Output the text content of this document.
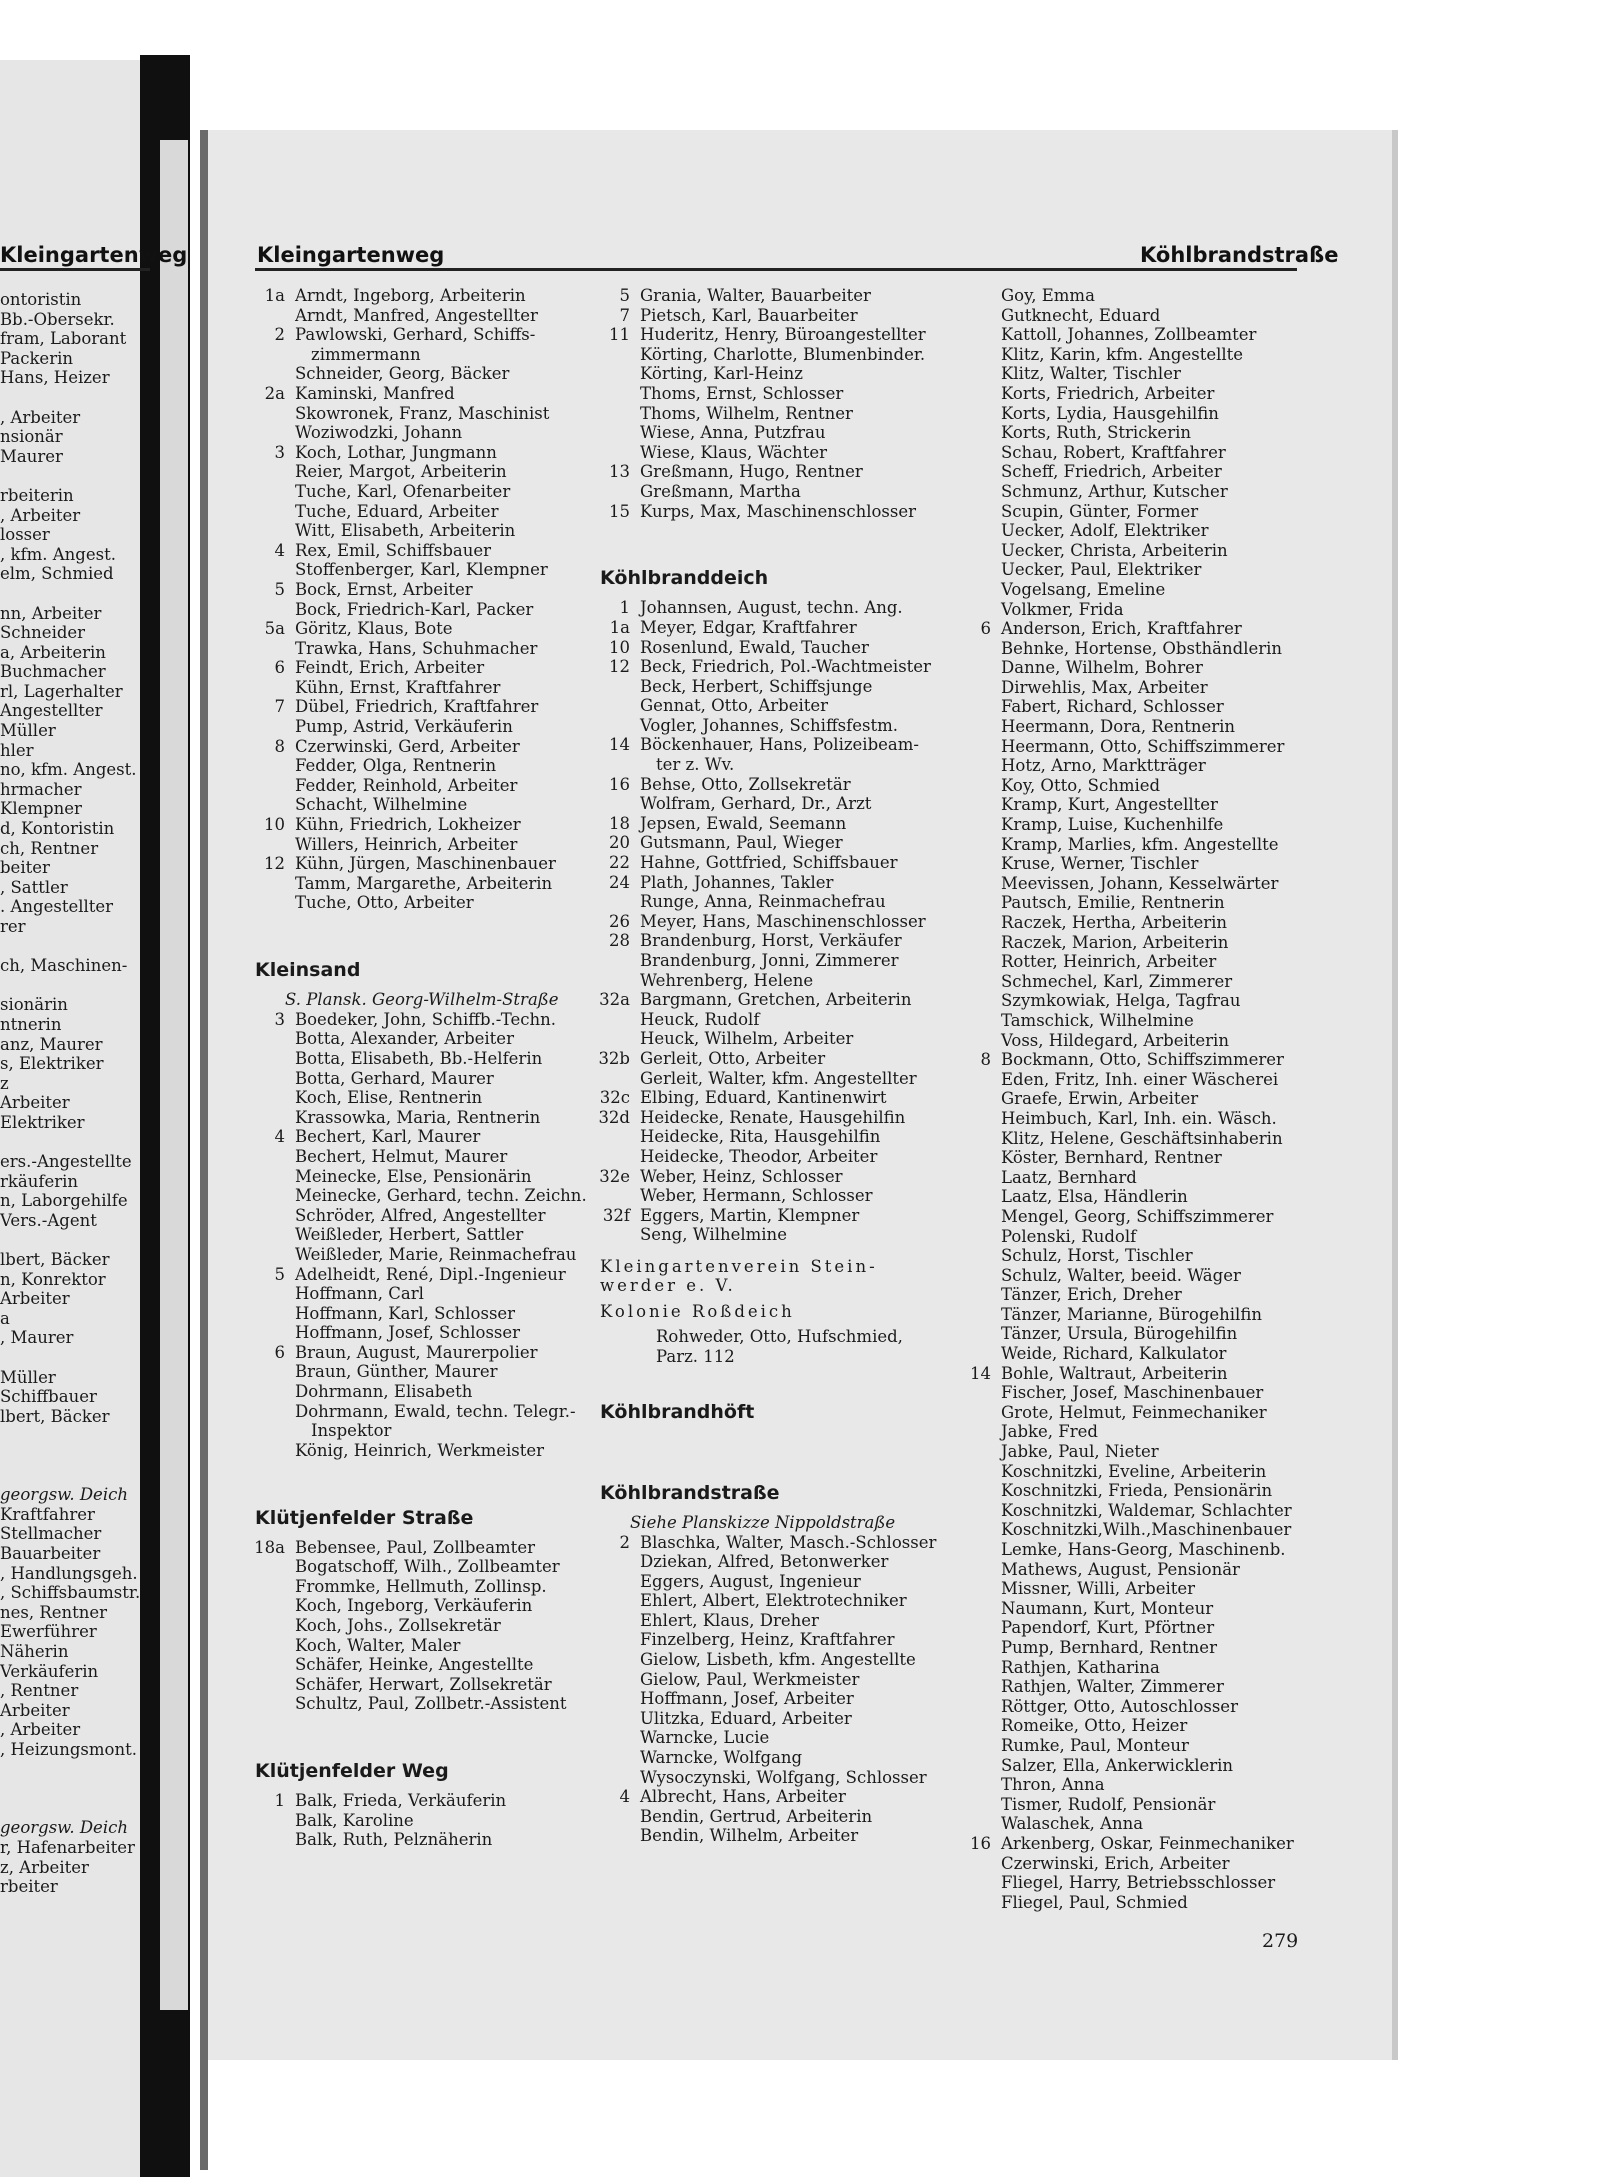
Kleingartenweg	Kleingartenweg	Köhlbrandstraße
ontoristin
Bb.-Obersekr.
fram, Laborant
Packerin
Hans, Heizer
, Arbeiter
nsionär
Maurer
rbeiterin
, Arbeiter
losser
, kfm. Angest.
elm, Schmied
nn, Arbeiter
Schneider
a, Arbeiterin
Buchmacher
rl, Lagerhalter
Angestellter
Müller
hler
no, kfm. Angest.
hrmacher
Klempner
d, Kontoristin
ch, Rentner
beiter
, Sattler
. Angestellter
rer
ch, Maschinen-
sionärin
ntnerin
anz, Maurer
s, Elektriker
z
Arbeiter
Elektriker
ers.-Angestellte
rkäuferin
n, Laborgehilfe
Vers.-Agent
lbert, Bäcker
n, Konrektor
Arbeiter
a
, Maurer
Müller
Schiffbauer
lbert, Bäcker
georgsw. Deich
Kraftfahrer
Stellmacher
Bauarbeiter
, Handlungsgeh.
, Schiffsbaumstr.
nes, Rentner
Ewerführer
Näherin
Verkäuferin
, Rentner
Arbeiter
, Arbeiter
, Heizungsmont.
georgsw. Deich
r, Hafenarbeiter
z, Arbeiter
rbeiter
1a Arndt, Ingeborg, Arbeiterin
Arndt, Manfred, Angestellter
2 Pawlowski, Gerhard, Schiffs-
zimmermann
Schneider, Georg, Bäcker
2a Kaminski, Manfred
Skowronek, Franz, Maschinist
Woziwodzki, Johann
3 Koch, Lothar, Jungmann
Reier, Margot, Arbeiterin
Tuche, Karl, Ofenarbeiter
Tuche, Eduard, Arbeiter
Witt, Elisabeth, Arbeiterin
4 Rex, Emil, Schiffsbauer
Stoffenberger, Karl, Klempner
5 Bock, Ernst, Arbeiter
Bock, Friedrich-Karl, Packer
5a Göritz, Klaus, Bote
Trawka, Hans, Schuhmacher
6 Feindt, Erich, Arbeiter
Kühn, Ernst, Kraftfahrer
7 Dübel, Friedrich, Kraftfahrer
Pump, Astrid, Verkäuferin
8 Czerwinski, Gerd, Arbeiter
Fedder, Olga, Rentnerin
Fedder, Reinhold, Arbeiter
Schacht, Wilhelmine
10 Kühn, Friedrich, Lokheizer
Willers, Heinrich, Arbeiter
12 Kühn, Jürgen, Maschinenbauer
Tamm, Margarethe, Arbeiterin
Tuche, Otto, Arbeiter
Kleinsand
S. Plansk. Georg-Wilhelm-Straße
3 Boedeker, John, Schiffb.-Techn.
Botta, Alexander, Arbeiter
Botta, Elisabeth, Bb.-Helferin
Botta, Gerhard, Maurer
Koch, Elise, Rentnerin
Krassowka, Maria, Rentnerin
4 Bechert, Karl, Maurer
Bechert, Helmut, Maurer
Meinecke, Else, Pensionärin
Meinecke, Gerhard, techn. Zeichn.
Schröder, Alfred, Angestellter
Weißleder, Herbert, Sattler
Weißleder, Marie, Reinmachefrau
5 Adelheidt, René, Dipl.-Ingenieur
Hoffmann, Carl
Hoffmann, Karl, Schlosser
Hoffmann, Josef, Schlosser
6 Braun, August, Maurerpolier
Braun, Günther, Maurer
Dohrmann, Elisabeth
Dohrmann, Ewald, techn. Telegr.-
Inspektor
König, Heinrich, Werkmeister
Klütjenfelder Straße
18a Bebensee, Paul, Zollbeamter
Bogatschoff, Wilh., Zollbeamter
Frommke, Hellmuth, Zollinsp.
Koch, Ingeborg, Verkäuferin
Koch, Johs., Zollsekretär
Koch, Walter, Maler
Schäfer, Heinke, Angestellte
Schäfer, Herwart, Zollsekretär
Schultz, Paul, Zollbetr.-Assistent
Klütjenfelder Weg
1 Balk, Frieda, Verkäuferin
Balk, Karoline
Balk, Ruth, Pelznäherin
5 Grania, Walter, Bauarbeiter
7 Pietsch, Karl, Bauarbeiter
11 Huderitz, Henry, Büroangestellter
Körting, Charlotte, Blumenbinder.
Körting, Karl-Heinz
Thoms, Ernst, Schlosser
Thoms, Wilhelm, Rentner
Wiese, Anna, Putzfrau
Wiese, Klaus, Wächter
13 Greßmann, Hugo, Rentner
Greßmann, Martha
15 Kurps, Max, Maschinenschlosser
Köhlbranddeich
1 Johannsen, August, techn. Ang.
1a Meyer, Edgar, Kraftfahrer
10 Rosenlund, Ewald, Taucher
12 Beck, Friedrich, Pol.-Wachtmeister
Beck, Herbert, Schiffsjunge
Gennat, Otto, Arbeiter
Vogler, Johannes, Schiffsfestm.
14 Böckenhauer, Hans, Polizeibeam-
ter z. Wv.
16 Behse, Otto, Zollsekretär
Wolfram, Gerhard, Dr., Arzt
18 Jepsen, Ewald, Seemann
20 Gutsmann, Paul, Wieger
22 Hahne, Gottfried, Schiffsbauer
24 Plath, Johannes, Takler
Runge, Anna, Reinmachefrau
26 Meyer, Hans, Maschinenschlosser
28 Brandenburg, Horst, Verkäufer
Brandenburg, Jonni, Zimmerer
Wehrenberg, Helene
32a Bargmann, Gretchen, Arbeiterin
Heuck, Rudolf
Heuck, Wilhelm, Arbeiter
32b Gerleit, Otto, Arbeiter
Gerleit, Walter, kfm. Angestellter
32c Elbing, Eduard, Kantinenwirt
32d Heidecke, Renate, Hausgehilfin
Heidecke, Rita, Hausgehilfin
Heidecke, Theodor, Arbeiter
32e Weber, Heinz, Schlosser
Weber, Hermann, Schlosser
32f Eggers, Martin, Klempner
Seng, Wilhelmine
Kleingartenverein Stein-
werder e. V.
Kolonie Roßdeich
Rohweder, Otto, Hufschmied,
Parz. 112
Köhlbrandhöft
Köhlbrandstraße
Siehe Planskizze Nippoldstraße
2 Blaschka, Walter, Masch.-Schlosser
Dziekan, Alfred, Betonwerker
Eggers, August, Ingenieur
Ehlert, Albert, Elektrotechniker
Ehlert, Klaus, Dreher
Finzelberg, Heinz, Kraftfahrer
Gielow, Lisbeth, kfm. Angestellte
Gielow, Paul, Werkmeister
Hoffmann, Josef, Arbeiter
Ulitzka, Eduard, Arbeiter
Warncke, Lucie
Warncke, Wolfgang
Wysoczynski, Wolfgang, Schlosser
4 Albrecht, Hans, Arbeiter
Bendin, Gertrud, Arbeiterin
Bendin, Wilhelm, Arbeiter
Goy, Emma
Gutknecht, Eduard
Kattoll, Johannes, Zollbeamter
Klitz, Karin, kfm. Angestellte
Klitz, Walter, Tischler
Korts, Friedrich, Arbeiter
Korts, Lydia, Hausgehilfin
Korts, Ruth, Strickerin
Schau, Robert, Kraftfahrer
Scheff, Friedrich, Arbeiter
Schmunz, Arthur, Kutscher
Scupin, Günter, Former
Uecker, Adolf, Elektriker
Uecker, Christa, Arbeiterin
Uecker, Paul, Elektriker
Vogelsang, Emeline
Volkmer, Frida
6 Anderson, Erich, Kraftfahrer
Behnke, Hortense, Obsthändlerin
Danne, Wilhelm, Bohrer
Dirwehlis, Max, Arbeiter
Fabert, Richard, Schlosser
Heermann, Dora, Rentnerin
Heermann, Otto, Schiffszimmerer
Hotz, Arno, Marktträger
Koy, Otto, Schmied
Kramp, Kurt, Angestellter
Kramp, Luise, Kuchenhilfe
Kramp, Marlies, kfm. Angestellte
Kruse, Werner, Tischler
Meevissen, Johann, Kesselwärter
Pautsch, Emilie, Rentnerin
Raczek, Hertha, Arbeiterin
Raczek, Marion, Arbeiterin
Rotter, Heinrich, Arbeiter
Schmechel, Karl, Zimmerer
Szymkowiak, Helga, Tagfrau
Tamschick, Wilhelmine
Voss, Hildegard, Arbeiterin
8 Bockmann, Otto, Schiffszimmerer
Eden, Fritz, Inh. einer Wäscherei
Graefe, Erwin, Arbeiter
Heimbuch, Karl, Inh. ein. Wäsch.
Klitz, Helene, Geschäftsinhaberin
Köster, Bernhard, Rentner
Laatz, Bernhard
Laatz, Elsa, Händlerin
Mengel, Georg, Schiffszimmerer
Polenski, Rudolf
Schulz, Horst, Tischler
Schulz, Walter, beeid. Wäger
Tänzer, Erich, Dreher
Tänzer, Marianne, Bürogehilfin
Tänzer, Ursula, Bürogehilfin
Weide, Richard, Kalkulator
14 Bohle, Waltraut, Arbeiterin
Fischer, Josef, Maschinenbauer
Grote, Helmut, Feinmechaniker
Jabke, Fred
Jabke, Paul, Nieter
Koschnitzki, Eveline, Arbeiterin
Koschnitzki, Frieda, Pensionärin
Koschnitzki, Waldemar, Schlachter
Koschnitzki,Wilh.,Maschinenbauer
Lemke, Hans-Georg, Maschinenb.
Mathews, August, Pensionär
Missner, Willi, Arbeiter
Naumann, Kurt, Monteur
Papendorf, Kurt, Pförtner
Pump, Bernhard, Rentner
Rathjen, Katharina
Rathjen, Walter, Zimmerer
Röttger, Otto, Autoschlosser
Romeike, Otto, Heizer
Rumke, Paul, Monteur
Salzer, Ella, Ankerwicklerin
Thron, Anna
Tismer, Rudolf, Pensionär
Walaschek, Anna
16 Arkenberg, Oskar, Feinmechaniker
Czerwinski, Erich, Arbeiter
Fliegel, Harry, Betriebsschlosser
Fliegel, Paul, Schmied
279
